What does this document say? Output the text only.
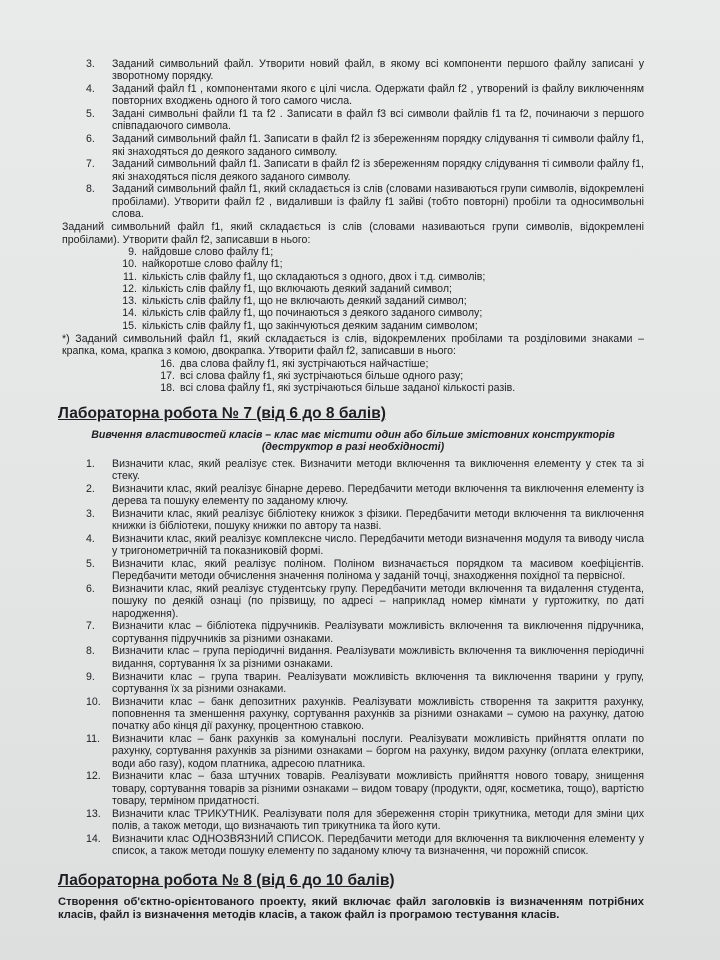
3.	Заданий символьний файл. Утворити новий файл, в якому всі компоненти першого файлу записані у зворотному порядку.
4.	Заданий файл f1 , компонентами якого є цілі числа. Одержати файл f2 , утворений із файлу виключенням повторних входжень одного й того самого числа.
5.	Задані символьні файли f1 та f2 . Записати в файл f3 всі символи файлів f1 та f2, починаючи з першого співпадаючого символа.
6.	Заданий символьний файл f1. Записати в файл f2 із збереженням порядку слідування ті символи файлу f1, які знаходяться до деякого заданого символу.
7.	Заданий символьний файл f1. Записати в файл f2 із збереженням порядку слідування ті символи файлу f1, які знаходяться після деякого заданого символу.
8.	Заданий символьний файл f1, який складається із слів (словами називаються групи символів, відокремлені пробілами). Утворити файл f2 , видаливши із файлу f1 зайві (тобто повторні) пробіли та односимвольні слова.

Заданий символьний файл f1, який складається із слів (словами називаються групи символів, відокремлені пробілами). Утворити файл f2, записавши в нього:

9. найдовше слово файлу f1;
10. найкоротше слово файлу f1;
11. кількість слів файлу f1, що складаються з одного, двох і т.д. символів;
12. кількість слів файлу f1, що включають деякий заданий символ;
13. кількість слів файлу f1, що не включають деякий заданий символ;
14. кількість слів файлу f1, що починаються з деякого заданого символу;
15. кількість слів файлу f1, що закінчуються деяким заданим символом;

*) Заданий символьний файл f1, який складається із слів, відокремлених пробілами та розділовими знаками – крапка, кома, крапка з комою, двокрапка. Утворити файл f2, записавши в нього:

16. два слова файлу f1, які зустрічаються найчастіше;
17. всі слова файлу f1, які зустрічаються більше одного разу;
18. всі слова файлу f1, які зустрічаються більше заданої кількості разів.
Лабораторна робота № 7 (від 6 до 8 балів)

Вивчення властивостей класів – клас має містити один або більше змістовних конструкторів (деструктор в разі необхідності)

1.	Визначити клас, який реалізує стек. Визначити методи включення та виключення елементу у стек та зі стеку.
2.	Визначити клас, який реалізує бінарне дерево. Передбачити методи включення та виключення елементу із дерева та пошуку елементу по заданому ключу.
3.	Визначити клас, який реалізує бібліотеку книжок з фізики. Передбачити методи включення та виключення книжки із бібліотеки, пошуку книжки по автору та назві.
4.	Визначити клас, який реалізує комплексне число. Передбачити методи визначення модуля та виводу числа у тригонометричній та показниковій формі.
5.	Визначити клас, який реалізує поліном. Поліном визначається порядком та масивом коефіцієнтів. Передбачити методи обчислення значення полінома у заданій точці, знаходження похідної та первісної.
6.	Визначити клас, який реалізує студентську групу. Передбачити методи включення та видалення студента, пошуку по деякій ознаці (по прізвищу, по адресі – наприклад номер кімнати у гуртожитку, по даті народження).
7.	Визначити клас – бібліотека підручників. Реалізувати можливість включення та виключення підручника, сортування підручників за різними ознаками.
8.	Визначити клас – група періодичні видання. Реалізувати можливість включення та виключення періодичні видання, сортування їх за різними ознаками.
9.	Визначити клас – група тварин. Реалізувати можливість включення та виключення тварини у групу, сортування їх за різними ознаками.
10.	Визначити клас – банк депозитних рахунків. Реалізувати можливість створення та закриття рахунку, поповнення та зменшення рахунку, сортування рахунків за різними ознаками – сумою на рахунку, датою початку або кінця дії рахунку, процентною ставкою.
11.	Визначити клас – банк рахунків за комунальні послуги. Реалізувати можливість прийняття оплати по рахунку, сортування рахунків за різними ознаками – боргом на рахунку, видом рахунку (оплата електрики, води або газу), кодом платника, адресою платника.
12.	Визначити клас – база штучних товарів. Реалізувати можливість прийняття нового товару, знищення товару, сортування товарів за різними ознаками – видом товару (продукти, одяг, косметика, тощо), вартістю товару, терміном придатності.
13.	Визначити клас ТРИКУТНИК. Реалізувати поля для збереження сторін трикутника, методи для зміни цих полів, а також методи, що визначають тип трикутника та його кути.
14.	Визначити клас ОДНОЗВЯЗНИЙ СПИСОК. Передбачити методи для включення та виключення елементу у список, а також методи пошуку елементу по заданому ключу та визначення, чи порожній список.
Лабораторна робота № 8 (від 6 до 10 балів)

Створення об'єктно-орієнтованого проекту, який включає файл заголовків із визначенням потрібних класів, файл із визначення методів класів, а також файл із програмою тестування класів.
